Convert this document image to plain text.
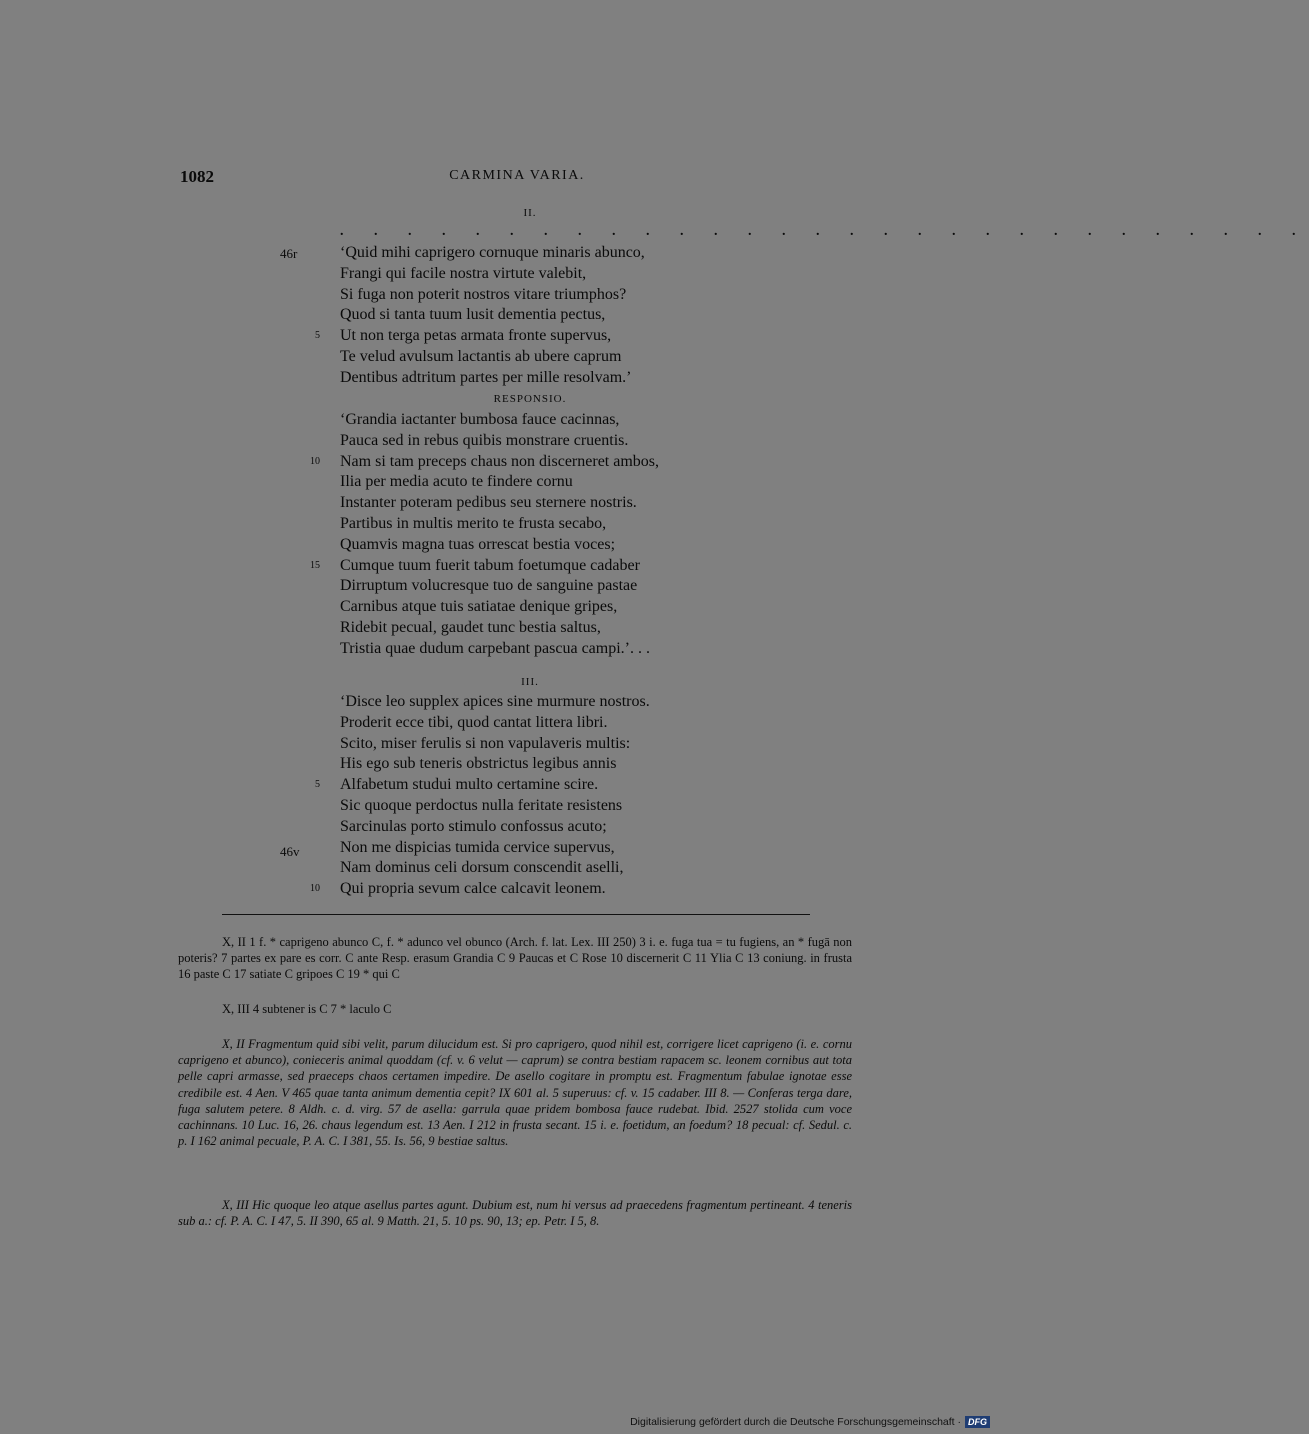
1082	CARMINA VARIA.
II.
. . . . . . . . . . . . . . . . . . . . . . . . . . . . .
46r	‘Quid mihi caprigero cornuque minaris abunco,
Frangi qui facile nostra virtute valebit,
Si fuga non poterit nostros vitare triumphos?
Quod si tanta tuum lusit dementia pectus,
Ut non terga petas armata fronte supervus,
5
Te velud avulsum lactantis ab ubere caprum
Dentibus adtritum partes per mille resolvam.’
RESPONSIO.
‘Grandia iactanter bumbosa fauce cacinnas,
Pauca sed in rebus quibis monstrare cruentis.
Nam si tam preceps chaus non discerneret ambos,
10
Ilia per media acuto te findere cornu
Instanter poteram pedibus seu sternere nostris.
Partibus in multis merito te frusta secabo,
Quamvis magna tuas orrescat bestia voces;
Cumque tuum fuerit tabum foetumque cadaber
15
Dirruptum volucresque tuo de sanguine pastae
Carnibus atque tuis satiatae denique gripes,
Ridebit pecual, gaudet tunc bestia saltus,
Tristia quae dudum carpebant pascua campi.’. . .
III.
46v
‘Disce leo supplex apices sine murmure nostros.
Proderit ecce tibi, quod cantat littera libri.
Scito, miser ferulis si non vapulaveris multis:
His ego sub teneris obstrictus legibus annis
Alfabetum studui multo certamine scire.
5
Sic quoque perdoctus nulla feritate resistens
Sarcinulas porto stimulo confossus acuto;
Non me dispicias tumida cervice supervus,
Nam dominus celi dorsum conscendit aselli,
Qui propria sevum calce calcavit leonem.
10
X, II 1 f. * caprigeno abunco C, f. * adunco vel obunco (Arch. f. lat. Lex. III 250) 3 i. e. fuga tua = tu fugiens, an * fugā non poteris? 7 partes ex pare es corr. C ante Resp. erasum Grandia C 9 Paucas et C Rose 10 discernerit C 11 Ylia C 13 coniung. in frusta 16 paste C 17 satiate C gripoes C 19 * qui C
X, III 4 subtener is C 7 * laculo C
X, II Fragmentum quid sibi velit, parum dilucidum est. Si pro caprigero, quod nihil est, corrigere licet caprigeno (i. e. cornu caprigeno et abunco), conieceris animal quoddam (cf. v. 6 velut — caprum) se contra bestiam rapacem sc. leonem cornibus aut tota pelle capri armasse, sed praeceps chaos certamen impedire. De asello cogitare in promptu est. Fragmentum fabulae ignotae esse credibile est. 4 Aen. V 465 quae tanta animum dementia cepit? IX 601 al. 5 superuus: cf. v. 15 cadaber. III 8. — Conferas terga dare, fuga salutem petere. 8 Aldh. c. d. virg. 57 de asella: garrula quae pridem bombosa fauce rudebat. Ibid. 2527 stolida cum voce cachinnans. 10 Luc. 16, 26. chaus legendum est. 13 Aen. I 212 in frusta secant. 15 i. e. foetidum, an foedum? 18 pecual: cf. Sedul. c. p. I 162 animal pecuale, P. A. C. I 381, 55. Is. 56, 9 bestiae saltus.
X, III Hic quoque leo atque asellus partes agunt. Dubium est, num hi versus ad praecedens fragmentum pertineant. 4 teneris sub a.: cf. P. A. C. I 47, 5. II 390, 65 al. 9 Matth. 21, 5. 10 ps. 90, 13; ep. Petr. I 5, 8.
Digitalisierung gefördert durch die Deutsche Forschungsgemeinschaft · DFG
